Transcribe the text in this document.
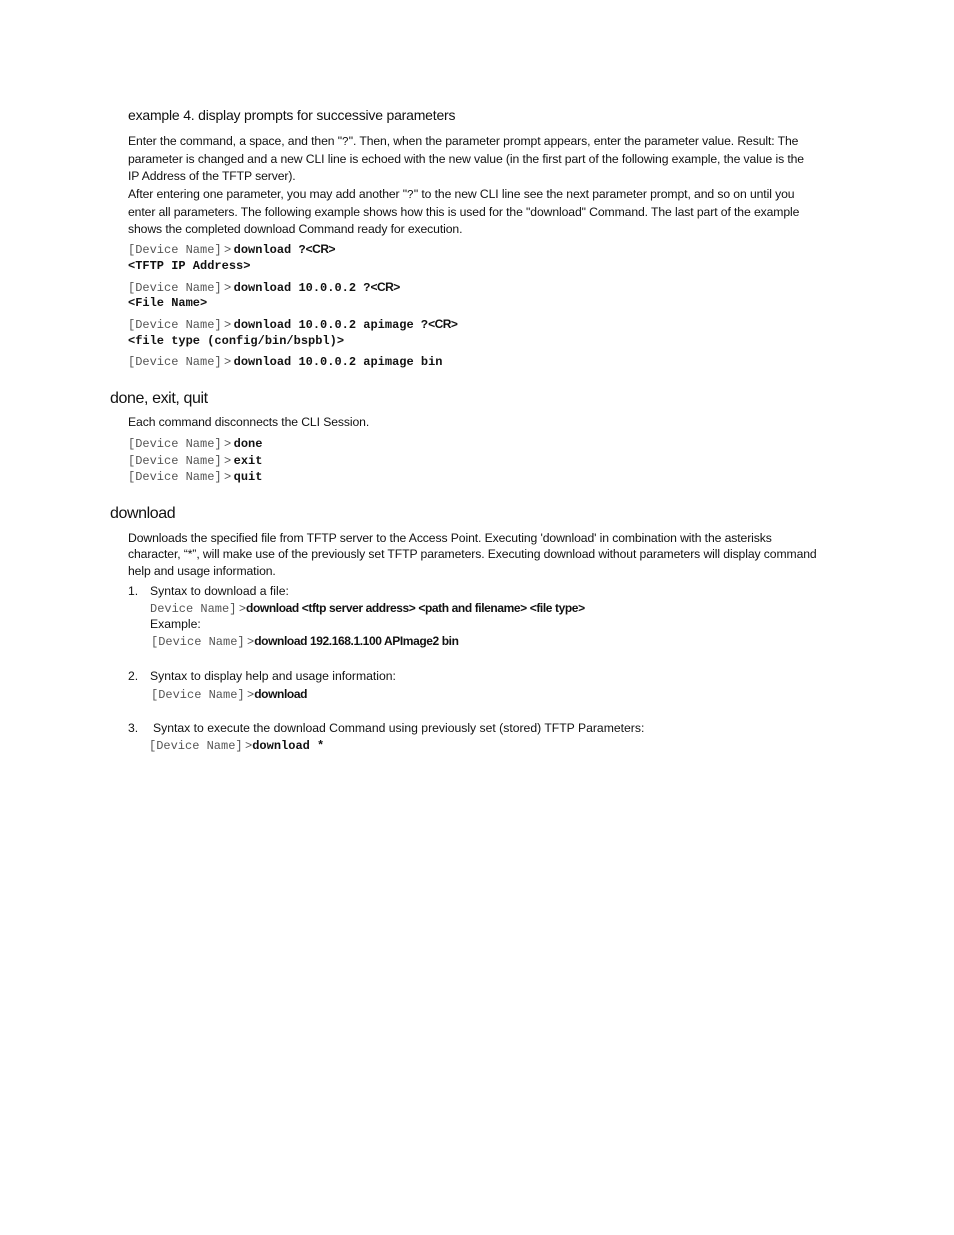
example 4. display prompts for successive parameters
Enter the command, a space, and then "?". Then, when the parameter prompt appears, enter the parameter value. Result: The parameter is changed and a new CLI line is echoed with the new value (in the first part of the following example, the value is the IP Address of the TFTP server).
After entering one parameter, you may add another "?" to the new CLI line see the next parameter prompt, and so on until you enter all parameters. The following example shows how this is used for the "download" Command. The last part of the example shows the completed download Command ready for execution.
[Device Name]  >  download ?<CR>
<TFTP IP Address>
[Device Name]  >  download 10.0.0.2 ?<CR>
<File Name>
[Device Name]  >  download 10.0.0.2 apimage ?<CR>
<file type (config/bin/bspbl)>
[Device Name]  >  download 10.0.0.2 apimage bin
done, exit, quit
Each command disconnects the CLI Session.
[Device Name]  >  done
[Device Name]  >  exit
[Device Name]  >  quit
download
Downloads the specified file from TFTP server to the Access Point. Executing 'download' in combination with the asterisks character, “*”, will make use of the previously set TFTP parameters. Executing download without parameters will display command help and usage information.
1. Syntax to download a file:
Device Name]  >download <tftp server address> <path and filename> <file type>
Example:
[Device Name]  >download 192.168.1.100 APImage2 bin
2. Syntax to display help and usage information:
[Device Name]  >download
3. Syntax to execute the download Command using previously set (stored) TFTP Parameters:
[Device Name]  >download *
